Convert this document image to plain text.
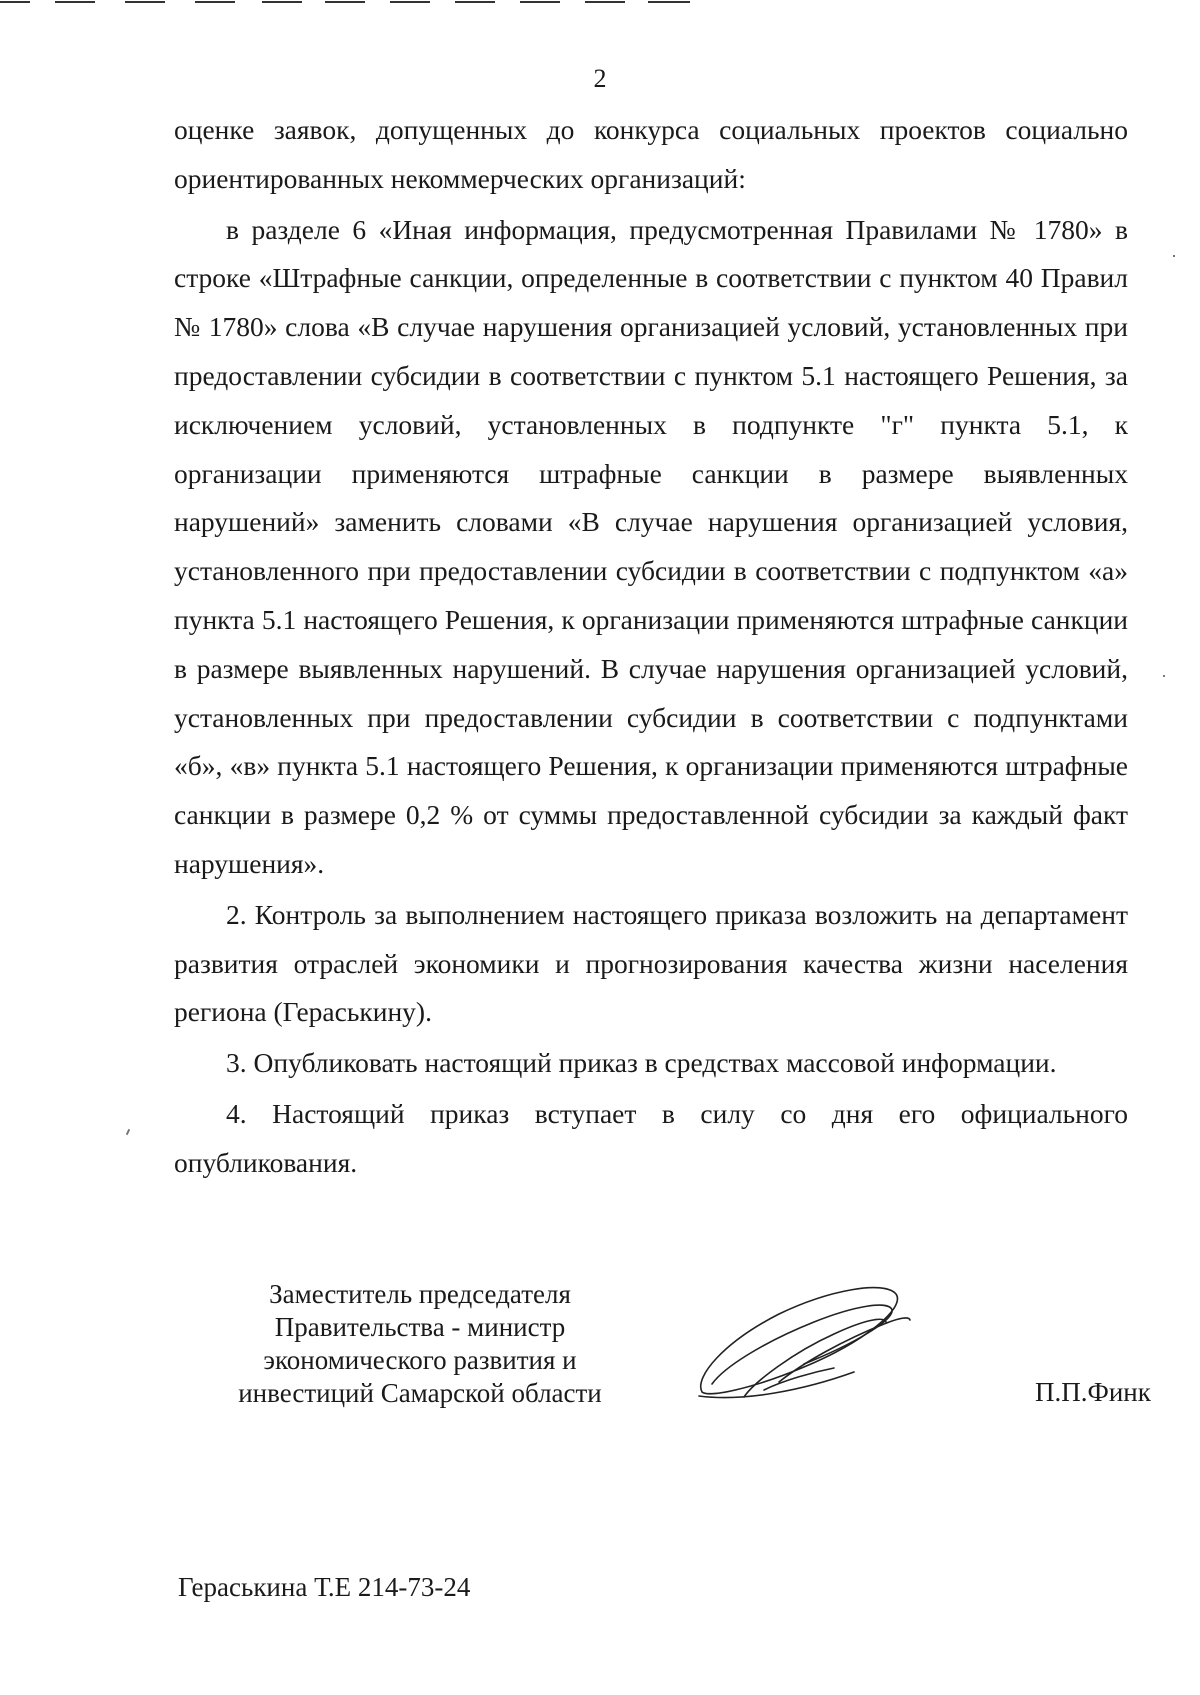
2

оценке заявок, допущенных до конкурса социальных проектов социально ориентированных некоммерческих организаций:

в разделе 6 «Иная информация, предусмотренная Правилами № 1780» в строке «Штрафные санкции, определенные в соответствии с пунктом 40 Правил № 1780» слова «В случае нарушения организацией условий, установленных при предоставлении субсидии в соответствии с пунктом 5.1 настоящего Решения, за исключением условий, установленных в подпункте "г" пункта 5.1, к организации применяются штрафные санкции в размере выявленных нарушений» заменить словами «В случае нарушения организацией условия, установленного при предоставлении субсидии в соответствии с подпунктом «а» пункта 5.1 настоящего Решения, к организации применяются штрафные санкции в размере выявленных нарушений. В случае нарушения организацией условий, установленных при предоставлении субсидии в соответствии с подпунктами «б», «в» пункта 5.1 настоящего Решения, к организации применяются штрафные санкции в размере 0,2 % от суммы предоставленной субсидии за каждый факт нарушения».

2. Контроль за выполнением настоящего приказа возложить на департамент развития отраслей экономики и прогнозирования качества жизни населения региона (Гераськину).

3. Опубликовать настоящий приказ в средствах массовой информации.

4. Настоящий приказ вступает в силу со дня его официального опубликования.

Заместитель председателя
Правительства - министр
экономического развития и
инвестиций Самарской области	П.П.Финк
Гераськина Т.Е 214-73-24
